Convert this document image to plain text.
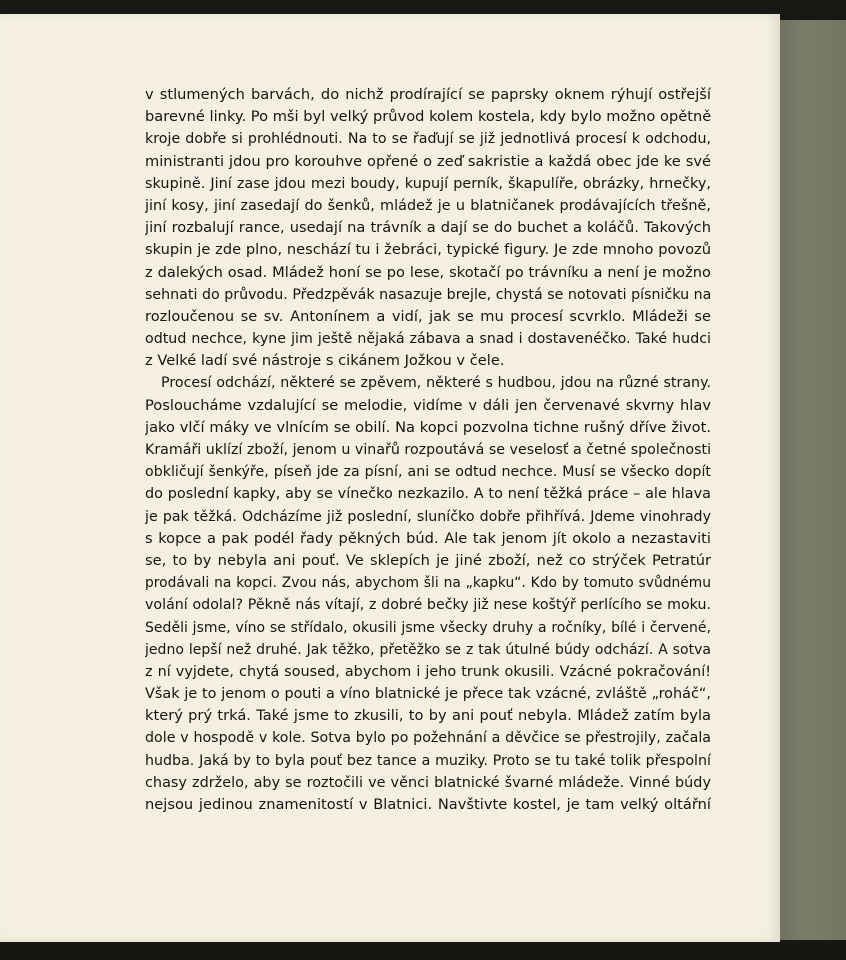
v stlumených barvách, do nichž prodírající se paprsky oknem rýhují ostřejší
barevné linky. Po mši byl velký průvod kolem kostela, kdy bylo možno opětně
kroje dobře si prohlédnouti. Na to se řaďují se již jednotlivá procesí k odchodu,
ministranti jdou pro korouhve opřené o zeď sakristie a každá obec jde ke své
skupině. Jiní zase jdou mezi boudy, kupují perník, škapulíře, obrázky, hrnečky,
jiní kosy, jiní zasedají do šenků, mládež je u blatničanek prodávajících třešně,
jiní rozbalují rance, usedají na trávník a dají se do buchet a koláčů. Takových
skupin je zde plno, neschází tu i žebráci, typické figury. Je zde mnoho povozů
z dalekých osad. Mládež honí se po lese, skotačí po trávníku a není je možno
sehnati do průvodu. Předzpěvák nasazuje brejle, chystá se notovati písničku na
rozloučenou se sv. Antonínem a vidí, jak se mu procesí scvrklo. Mládeži se
odtud nechce, kyne jim ještě nějaká zábava a snad i dostavenéčko. Také hudci
z Velké ladí své nástroje s cikánem Jožkou v čele.
Procesí odchází, některé se zpěvem, některé s hudbou, jdou na různé strany.
Posloucháme vzdalující se melodie, vidíme v dáli jen červenavé skvrny hlav
jako vlčí máky ve vlnícím se obilí. Na kopci pozvolna tichne rušný dříve život.
Kramáři uklízí zboží, jenom u vinařů rozpoutává se veselosť a četné společnosti
obkličují šenkýře, píseň jde za písní, ani se odtud nechce. Musí se všecko dopít
do poslední kapky, aby se vínečko nezkazilo. A to není těžká práce – ale hlava
je pak těžká. Odcházíme již poslední, sluníčko dobře přihřívá. Jdeme vinohrady
s kopce a pak podél řady pěkných búd. Ale tak jenom jít okolo a nezastaviti
se, to by nebyla ani pouť. Ve sklepích je jiné zboží, než co strýček Petratúr
prodávali na kopci. Zvou nás, abychom šli na „kapku“. Kdo by tomuto svůdnému
volání odolal? Pěkně nás vítají, z dobré bečky již nese koštýř perlícího se moku.
Seděli jsme, víno se střídalo, okusili jsme všecky druhy a ročníky, bílé i červené,
jedno lepší než druhé. Jak těžko, přetěžko se z tak útulné búdy odchází. A sotva
z ní vyjdete, chytá soused, abychom i jeho trunk okusili. Vzácné pokračování!
Však je to jenom o pouti a víno blatnické je přece tak vzácné, zvláště „roháč“,
který prý trká. Také jsme to zkusili, to by ani pouť nebyla. Mládež zatím byla
dole v hospodě v kole. Sotva bylo po požehnání a děvčice se přestrojily, začala
hudba. Jaká by to byla pouť bez tance a muziky. Proto se tu také tolik přespolní
chasy zdrželo, aby se roztočili ve věnci blatnické švarné mládeže. Vinné búdy
nejsou jedinou znamenitostí v Blatnici. Navštivte kostel, je tam velký oltářní
